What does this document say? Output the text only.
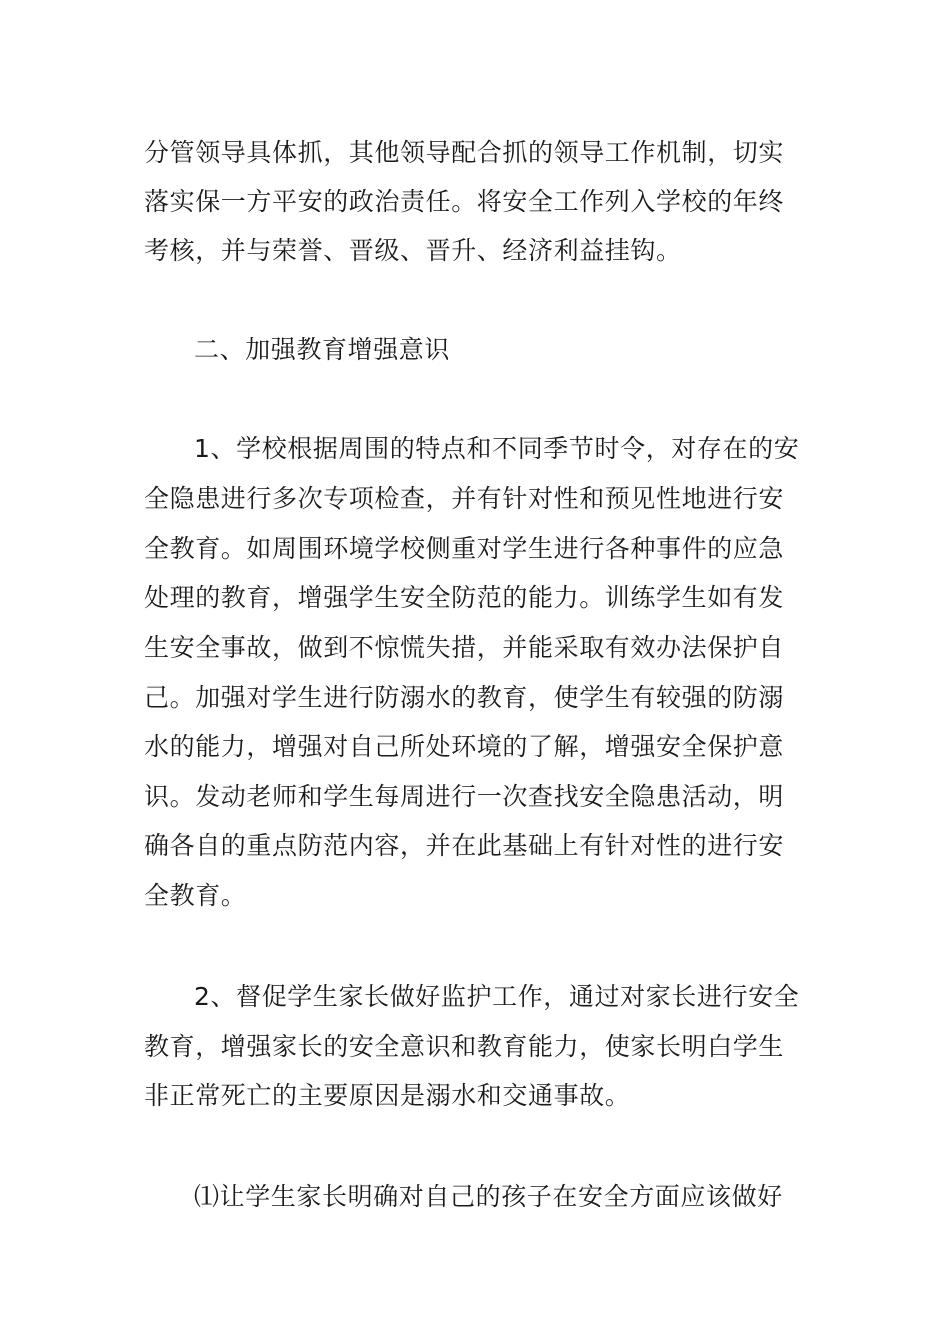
分管领导具体抓，其他领导配合抓的领导工作机制，切实
落实保一方平安的政治责任。将安全工作列入学校的年终
考核，并与荣誉、晋级、晋升、经济利益挂钩。
二、加强教育增强意识
1、学校根据周围的特点和不同季节时令，对存在的安
全隐患进行多次专项检查，并有针对性和预见性地进行安
全教育。如周围环境学校侧重对学生进行各种事件的应急
处理的教育，增强学生安全防范的能力。训练学生如有发
生安全事故，做到不惊慌失措，并能采取有效办法保护自
己。加强对学生进行防溺水的教育，使学生有较强的防溺
水的能力，增强对自己所处环境的了解，增强安全保护意
识。发动老师和学生每周进行一次查找安全隐患活动，明
确各自的重点防范内容，并在此基础上有针对性的进行安
全教育。
2、督促学生家长做好监护工作，通过对家长进行安全
教育，增强家长的安全意识和教育能力，使家长明白学生
非正常死亡的主要原因是溺水和交通事故。
⑴让学生家长明确对自己的孩子在安全方面应该做好
